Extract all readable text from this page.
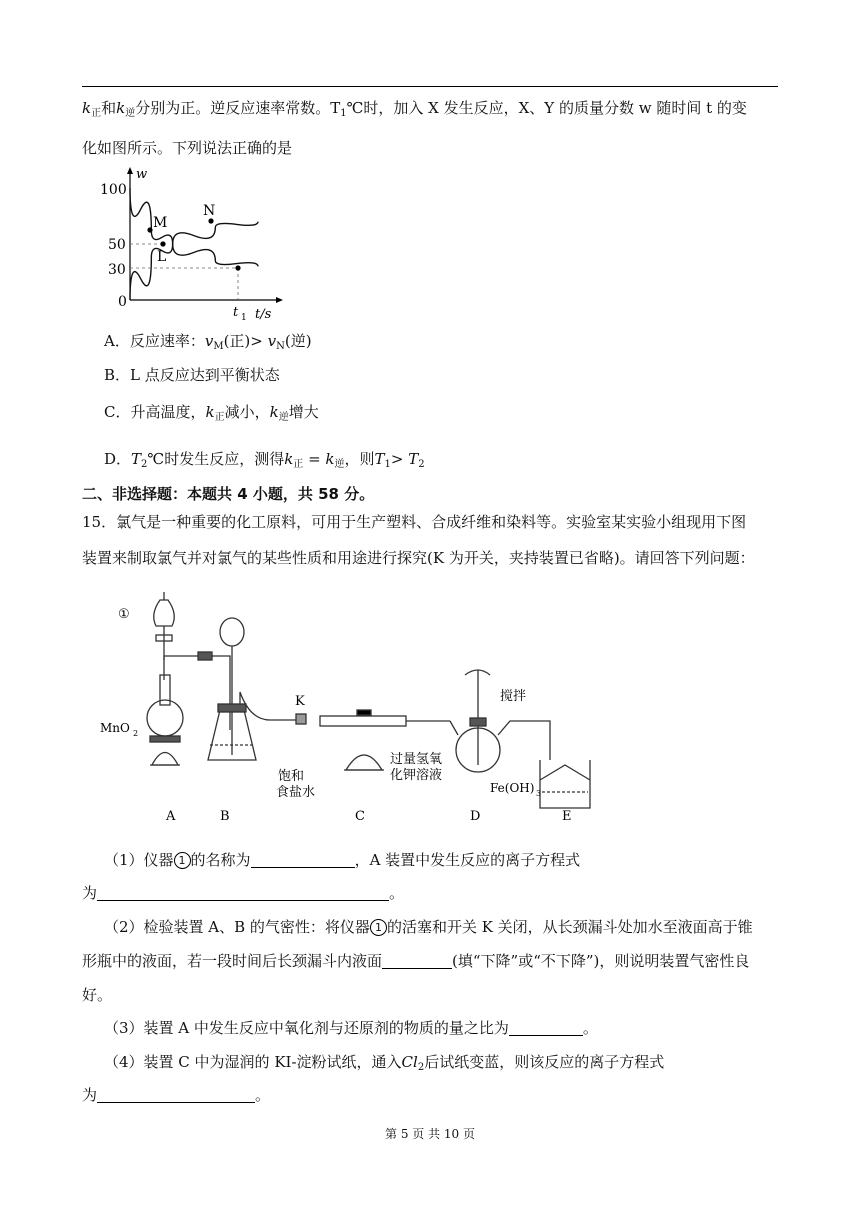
$k_正$和$k_逆$分别为正。逆反应速率常数。$T_1℃$时，加入 X 发生反应，X、Y 的质量分数 w 随时间 t 的变
化如图所示。下列说法正确的是
w
100
50
30
0
t 1 t/s
M
L
N
A．反应速率：$v_M$(正)> $v_N$(逆)
B．L 点反应达到平衡状态
C．升高温度，$k_正$减小，$k_逆$增大
D．$T_2℃$时发生反应，测得$k_正 = k_逆$，则$T_1> T_2$
二、非选择题：本题共 4 小题，共 58 分。
15．氯气是一种重要的化工原料，可用于生产塑料、合成纤维和染料等。实验室某实验小组现用下图
装置来制取氯气并对氯气的某些性质和用途进行探究(K 为开关，夹持装置已省略)。请回答下列问题：
①
MnO 2
K	搅拌
饱和
食盐水
过量氢氧
化钾溶液
Fe(OH) 3
A	B	C	D	E
（1）仪器 1 的名称为	，A 装置中发生反应的离子方程式
为	。
（2）检验装置 A、B 的气密性：将仪器 1 的活塞和开关 K 关闭，从长颈漏斗处加水至液面高于锥
形瓶中的液面，若一段时间后长颈漏斗内液面	(填“下降”或“不下降”)，则说明装置气密性良
好。
（3）装置 A 中发生反应中氧化剂与还原剂的物质的量之比为	。
（4）装置 C 中为湿润的 KI-淀粉试纸，通入$Cl_2$后试纸变蓝，则该反应的离子方程式
为	。
第 5 页 共 10 页
